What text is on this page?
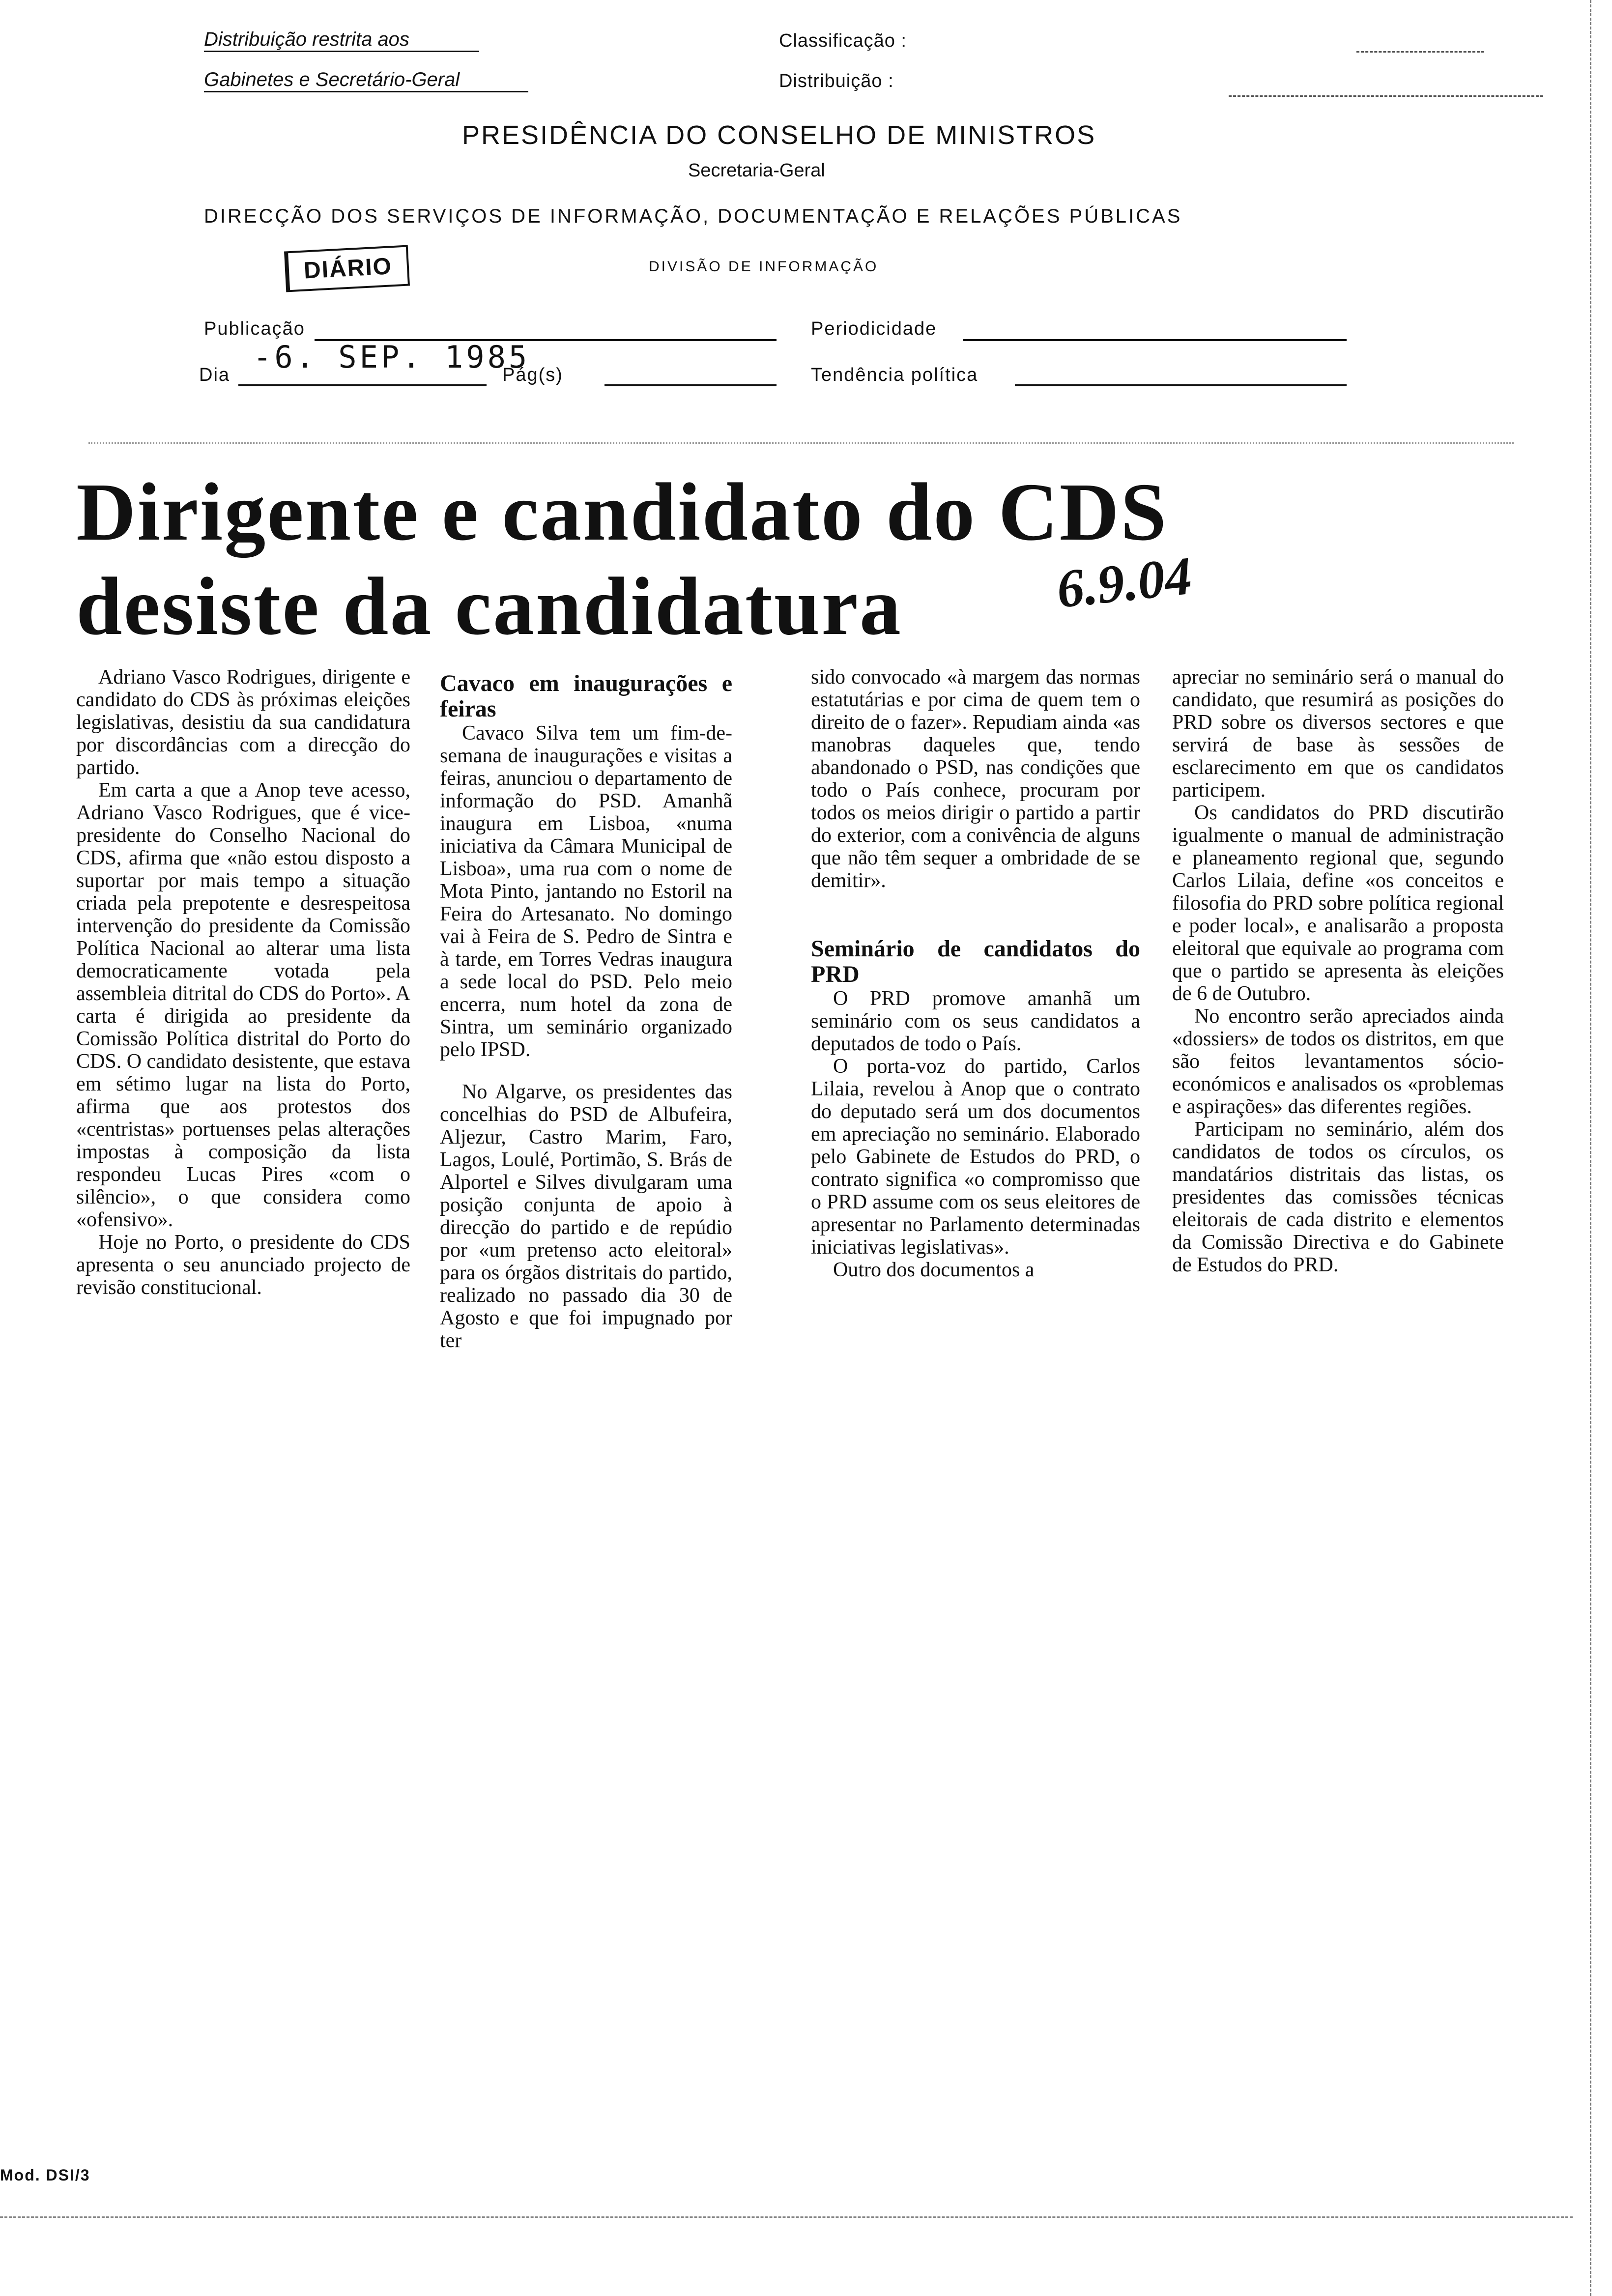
Distribuição restrita aos
Gabinetes e Secretário-Geral
Classificação :
Distribuição :
PRESIDÊNCIA DO CONSELHO DE MINISTROS
Secretaria-Geral
DIRECÇÃO DOS SERVIÇOS DE INFORMAÇÃO, DOCUMENTAÇÃO E RELAÇÕES PÚBLICAS
DIÁRIO	DIVISÃO DE INFORMAÇÃO
Publicação	Periodicidade
Dia -6. SEP. 1985
Pág(s)	Tendência política
Dirigente e candidato do CDS
desiste da candidatura	6.9.04

Adriano Vasco Rodrigues, dirigente e candidato do CDS às próximas eleições legislativas, desistiu da sua candidatura por discordâncias com a direcção do partido.

Em carta a que a Anop teve acesso, Adriano Vasco Rodrigues, que é vice-presidente do Conselho Nacional do CDS, afirma que «não estou disposto a suportar por mais tempo a situação criada pela prepotente e desrespeitosa intervenção do presidente da Comissão Política Nacional ao alterar uma lista democraticamente votada pela assembleia ditrital do CDS do Porto». A carta é dirigida ao presidente da Comissão Política distrital do Porto do CDS. O candidato desistente, que estava em sétimo lugar na lista do Porto, afirma que aos protestos dos «centristas» portuenses pelas alterações impostas à composição da lista respondeu Lucas Pires «com o silêncio», o que considera como «ofensivo».

Hoje no Porto, o presidente do CDS apresenta o seu anunciado projecto de revisão constitucional.

Cavaco em inaugurações e feiras

Cavaco Silva tem um fim-de-semana de inaugurações e visitas a feiras, anunciou o departamento de informação do PSD. Amanhã inaugura em Lisboa, «numa iniciativa da Câmara Municipal de Lisboa», uma rua com o nome de Mota Pinto, jantando no Estoril na Feira do Artesanato. No domingo vai à Feira de S. Pedro de Sintra e à tarde, em Torres Vedras inaugura a sede local do PSD. Pelo meio encerra, num hotel da zona de Sintra, um seminário organizado pelo IPSD.

No Algarve, os presidentes das concelhias do PSD de Albufeira, Aljezur, Castro Marim, Faro, Lagos, Loulé, Portimão, S. Brás de Alportel e Silves divulgaram uma posição conjunta de apoio à direcção do partido e de repúdio por «um pretenso acto eleitoral» para os órgãos distritais do partido, realizado no passado dia 30 de Agosto e que foi impugnado por ter

sido convocado «à margem das normas estatutárias e por cima de quem tem o direito de o fazer». Repudiam ainda «as manobras daqueles que, tendo abandonado o PSD, nas condições que todo o País conhece, procuram por todos os meios dirigir o partido a partir do exterior, com a conivência de alguns que não têm sequer a ombridade de se demitir».

Seminário de candidatos do PRD

O PRD promove amanhã um seminário com os seus candidatos a deputados de todo o País.

O porta-voz do partido, Carlos Lilaia, revelou à Anop que o contrato do deputado será um dos documentos em apreciação no seminário. Elaborado pelo Gabinete de Estudos do PRD, o contrato significa «o compromisso que o PRD assume com os seus eleitores de apresentar no Parlamento determinadas iniciativas legislativas».

Outro dos documentos a

apreciar no seminário será o manual do candidato, que resumirá as posições do PRD sobre os diversos sectores e que servirá de base às sessões de esclarecimento em que os candidatos participem.

Os candidatos do PRD discutirão igualmente o manual de administração e planeamento regional que, segundo Carlos Lilaia, define «os conceitos e filosofia do PRD sobre política regional e poder local», e analisarão a proposta eleitoral que equivale ao programa com que o partido se apresenta às eleições de 6 de Outubro.

No encontro serão apreciados ainda «dossiers» de todos os distritos, em que são feitos levantamentos sócio-económicos e analisados os «problemas e aspirações» das diferentes regiões.

Participam no seminário, além dos candidatos de todos os círculos, os mandatários distritais das listas, os presidentes das comissões técnicas eleitorais de cada distrito e elementos da Comissão Directiva e do Gabinete de Estudos do PRD.

Mod. DSI/3
